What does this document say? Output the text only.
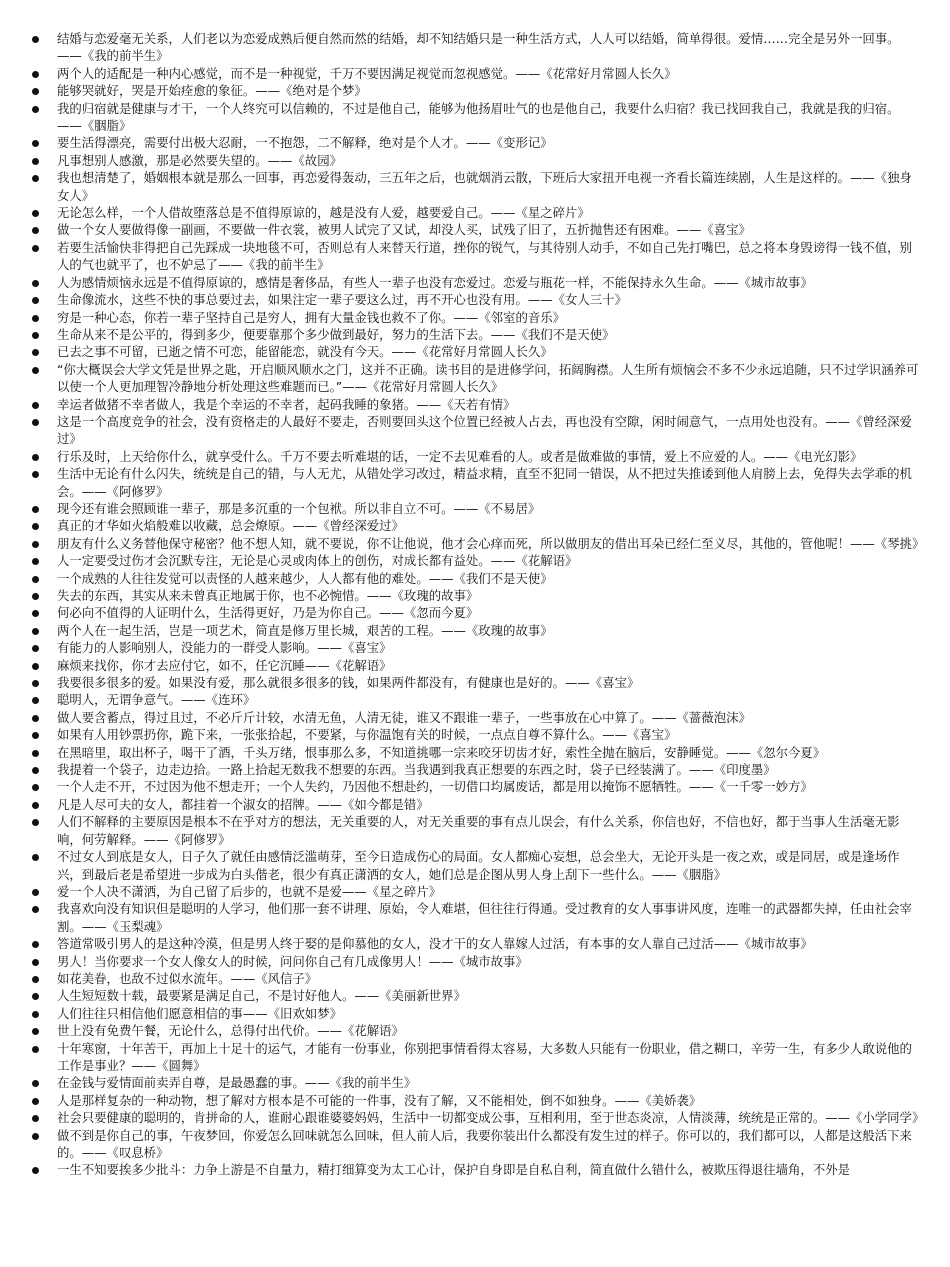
结婚与恋爱毫无关系，人们老以为恋爱成熟后便自然而然的结婚，却不知结婚只是一种生活方式，人人可以结婚，简单得很。爱情……完全是另外一回事。——《我的前半生》
两个人的适配是一种内心感觉，而不是一种视觉，千万不要因满足视觉而忽视感觉。——《花常好月常圆人长久》
能够哭就好，哭是开始痊愈的象征。——《绝对是个梦》
我的归宿就是健康与才干，一个人终究可以信赖的，不过是他自己，能够为他扬眉吐气的也是他自己，我要什么归宿？我已找回我自己，我就是我的归宿。——《胭脂》
要生活得漂亮，需要付出极大忍耐，一不抱怨，二不解释，绝对是个人才。——《变形记》
凡事想别人感激，那是必然要失望的。——《故园》
我也想清楚了，婚姻根本就是那么一回事，再恋爱得轰动，三五年之后，也就烟消云散，下班后大家扭开电视一齐看长篇连续剧，人生是这样的。——《独身女人》
无论怎么样，一个人借故堕落总是不值得原谅的，越是没有人爱，越要爱自己。——《星之碎片》
做一个女人要做得像一副画，不要做一件衣裳，被男人试完了又试，却没人买，试残了旧了，五折抛售还有困难。——《喜宝》
若要生活愉快非得把自己先踩成一块地毯不可，否则总有人来替天行道，挫你的锐气，与其待别人动手，不如自己先打嘴巴，总之将本身毁谤得一钱不值，别人的气也就平了，也不妒忌了——《我的前半生》
人为感情烦恼永远是不值得原谅的，感情是奢侈品，有些人一辈子也没有恋爱过。恋爱与瓶花一样，不能保持永久生命。——《城市故事》
生命像流水，这些不快的事总要过去，如果注定一辈子要这么过，再不开心也没有用。——《女人三十》
穷是一种心态，你若一辈子坚持自己是穷人，拥有大量金钱也救不了你。——《邻室的音乐》
生命从来不是公平的，得到多少，便要靠那个多少做到最好，努力的生活下去。——《我们不是天使》
已去之事不可留，已逝之情不可恋，能留能恋，就没有今天。——《花常好月常圆人长久》
“你大概误会大学文凭是世界之匙，开启顺风顺水之门，这并不正确。读书目的是进修学问，拓阔胸襟。人生所有烦恼会不多不少永远追随，只不过学识涵养可以使一个人更加理智冷静地分析处理这些难题而已。”——《花常好月常圆人长久》
幸运者做猪不幸者做人，我是个幸运的不幸者，起码我睡的象猪。——《天若有情》
这是一个高度竞争的社会，没有资格走的人最好不要走，否则要回头这个位置已经被人占去，再也没有空隙，闲时闹意气，一点用处也没有。——《曾经深爱过》
行乐及时，上天给你什么，就享受什么。千万不要去听难堪的话，一定不去见难看的人。或者是做难做的事情，爱上不应爱的人。——《电光幻影》
生活中无论有什么闪失，统统是自己的错，与人无尤，从错处学习改过，精益求精，直至不犯同一错误，从不把过失推诿到他人肩膀上去，免得失去学乖的机会。——《阿修罗》
现今还有谁会照顾谁一辈子，那是多沉重的一个包袱。所以非自立不可。——《不易居》
真正的才华如火焰般难以收藏，总会燎原。——《曾经深爱过》
朋友有什么义务替他保守秘密？他不想人知，就不要说，你不让他说，他才会心痒而死，所以做朋友的借出耳朵已经仁至义尽，其他的，管他呢！——《琴挑》
人一定要受过伤才会沉默专注，无论是心灵或肉体上的创伤，对成长都有益处。——《花解语》
一个成熟的人往往发觉可以责怪的人越来越少，人人都有他的难处。——《我们不是天使》
失去的东西，其实从来未曾真正地属于你，也不必惋惜。——《玫瑰的故事》
何必向不值得的人证明什么，生活得更好，乃是为你自己。——《忽而今夏》
两个人在一起生活，岂是一项艺术，简直是修万里长城，艰苦的工程。——《玫瑰的故事》
有能力的人影响别人，没能力的一群受人影响。——《喜宝》
麻烦来找你，你才去应付它，如不，任它沉睡——《花解语》
我要很多很多的爱。如果没有爱，那么就很多很多的钱，如果两件都没有，有健康也是好的。——《喜宝》
聪明人，无谓争意气。——《连环》
做人要含蓄点，得过且过，不必斤斤计较，水清无鱼，人清无徒，谁又不跟谁一辈子，一些事放在心中算了。——《蔷薇泡沫》
如果有人用钞票扔你，跪下来，一张张拾起，不要紧，与你温饱有关的时候，一点点自尊不算什么。——《喜宝》
在黑暗里，取出杯子，喝干了酒，千头万绪，恨事那么多，不知道挑哪一宗来咬牙切齿才好，索性全抛在脑后，安静睡觉。——《忽尔今夏》
我提着一个袋子，边走边拾。一路上拾起无数我不想要的东西。当我遇到我真正想要的东西之时，袋子已经装满了。——《印度墨》
一个人走不开，不过因为他不想走开；一个人失约，乃因他不想赴约，一切借口均属废话，都是用以掩饰不愿牺牲。——《一千零一妙方》
凡是人尽可夫的女人，都挂着一个淑女的招牌。——《如今都是错》
人们不解释的主要原因是根本不在乎对方的想法，无关重要的人，对无关重要的事有点儿误会，有什么关系，你信也好，不信也好，都于当事人生活毫无影响，何劳解释。——《阿修罗》
不过女人到底是女人，日子久了就任由感情泛滥萌芽，至今日造成伤心的局面。女人都痴心妄想，总会坐大，无论开头是一夜之欢，或是同居，或是逢场作兴，到最后老是希望进一步成为白头偕老，很少有真正潇洒的女人，她们总是企图从男人身上刮下一些什么。——《胭脂》
爱一个人决不潇洒，为自己留了后步的，也就不是爱——《星之碎片》
我喜欢向没有知识但是聪明的人学习，他们那一套不讲理、原始，令人难堪，但往往行得通。受过教育的女人事事讲风度，连唯一的武器都失掉，任由社会宰割。——《玉梨魂》
答道常吸引男人的是这种冷漠，但是男人终于娶的是仰慕他的女人，没才干的女人靠嫁人过活，有本事的女人靠自己过活——《城市故事》
男人！当你要求一个女人像女人的时候，问问你自己有几成像男人！——《城市故事》
如花美眷，也敌不过似水流年。——《风信子》
人生短短数十载，最要紧是满足自己，不是讨好他人。——《美丽新世界》
人们往往只相信他们愿意相信的事——《旧欢如梦》
世上没有免费午餐，无论什么，总得付出代价。——《花解语》
十年寒窗，十年苦干，再加上十足十的运气，才能有一份事业，你别把事情看得太容易，大多数人只能有一份职业，借之糊口，辛劳一生，有多少人敢说他的工作是事业？——《圆舞》
在金钱与爱情面前卖弄自尊，是最愚蠢的事。——《我的前半生》
人是那样复杂的一种动物，想了解对方根本是不可能的一件事，没有了解，又不能相处，倒不如独身。——《美娇袭》
社会只要健康的聪明的，肯拼命的人，谁耐心跟谁婆婆妈妈，生活中一切都变成公事，互相利用，至于世态炎凉，人情淡薄，统统是正常的。——《小学同学》
做不到是你自己的事，午夜梦回，你爱怎么回味就怎么回味，但人前人后，我要你装出什么都没有发生过的样子。你可以的，我们都可以，人都是这般活下来的。——《叹息桥》
一生不知要挨多少批斗：力争上游是不自量力，精打细算变为太工心计，保护自身即是自私自利，简直做什么错什么，被欺压得退往墙角，不外是
